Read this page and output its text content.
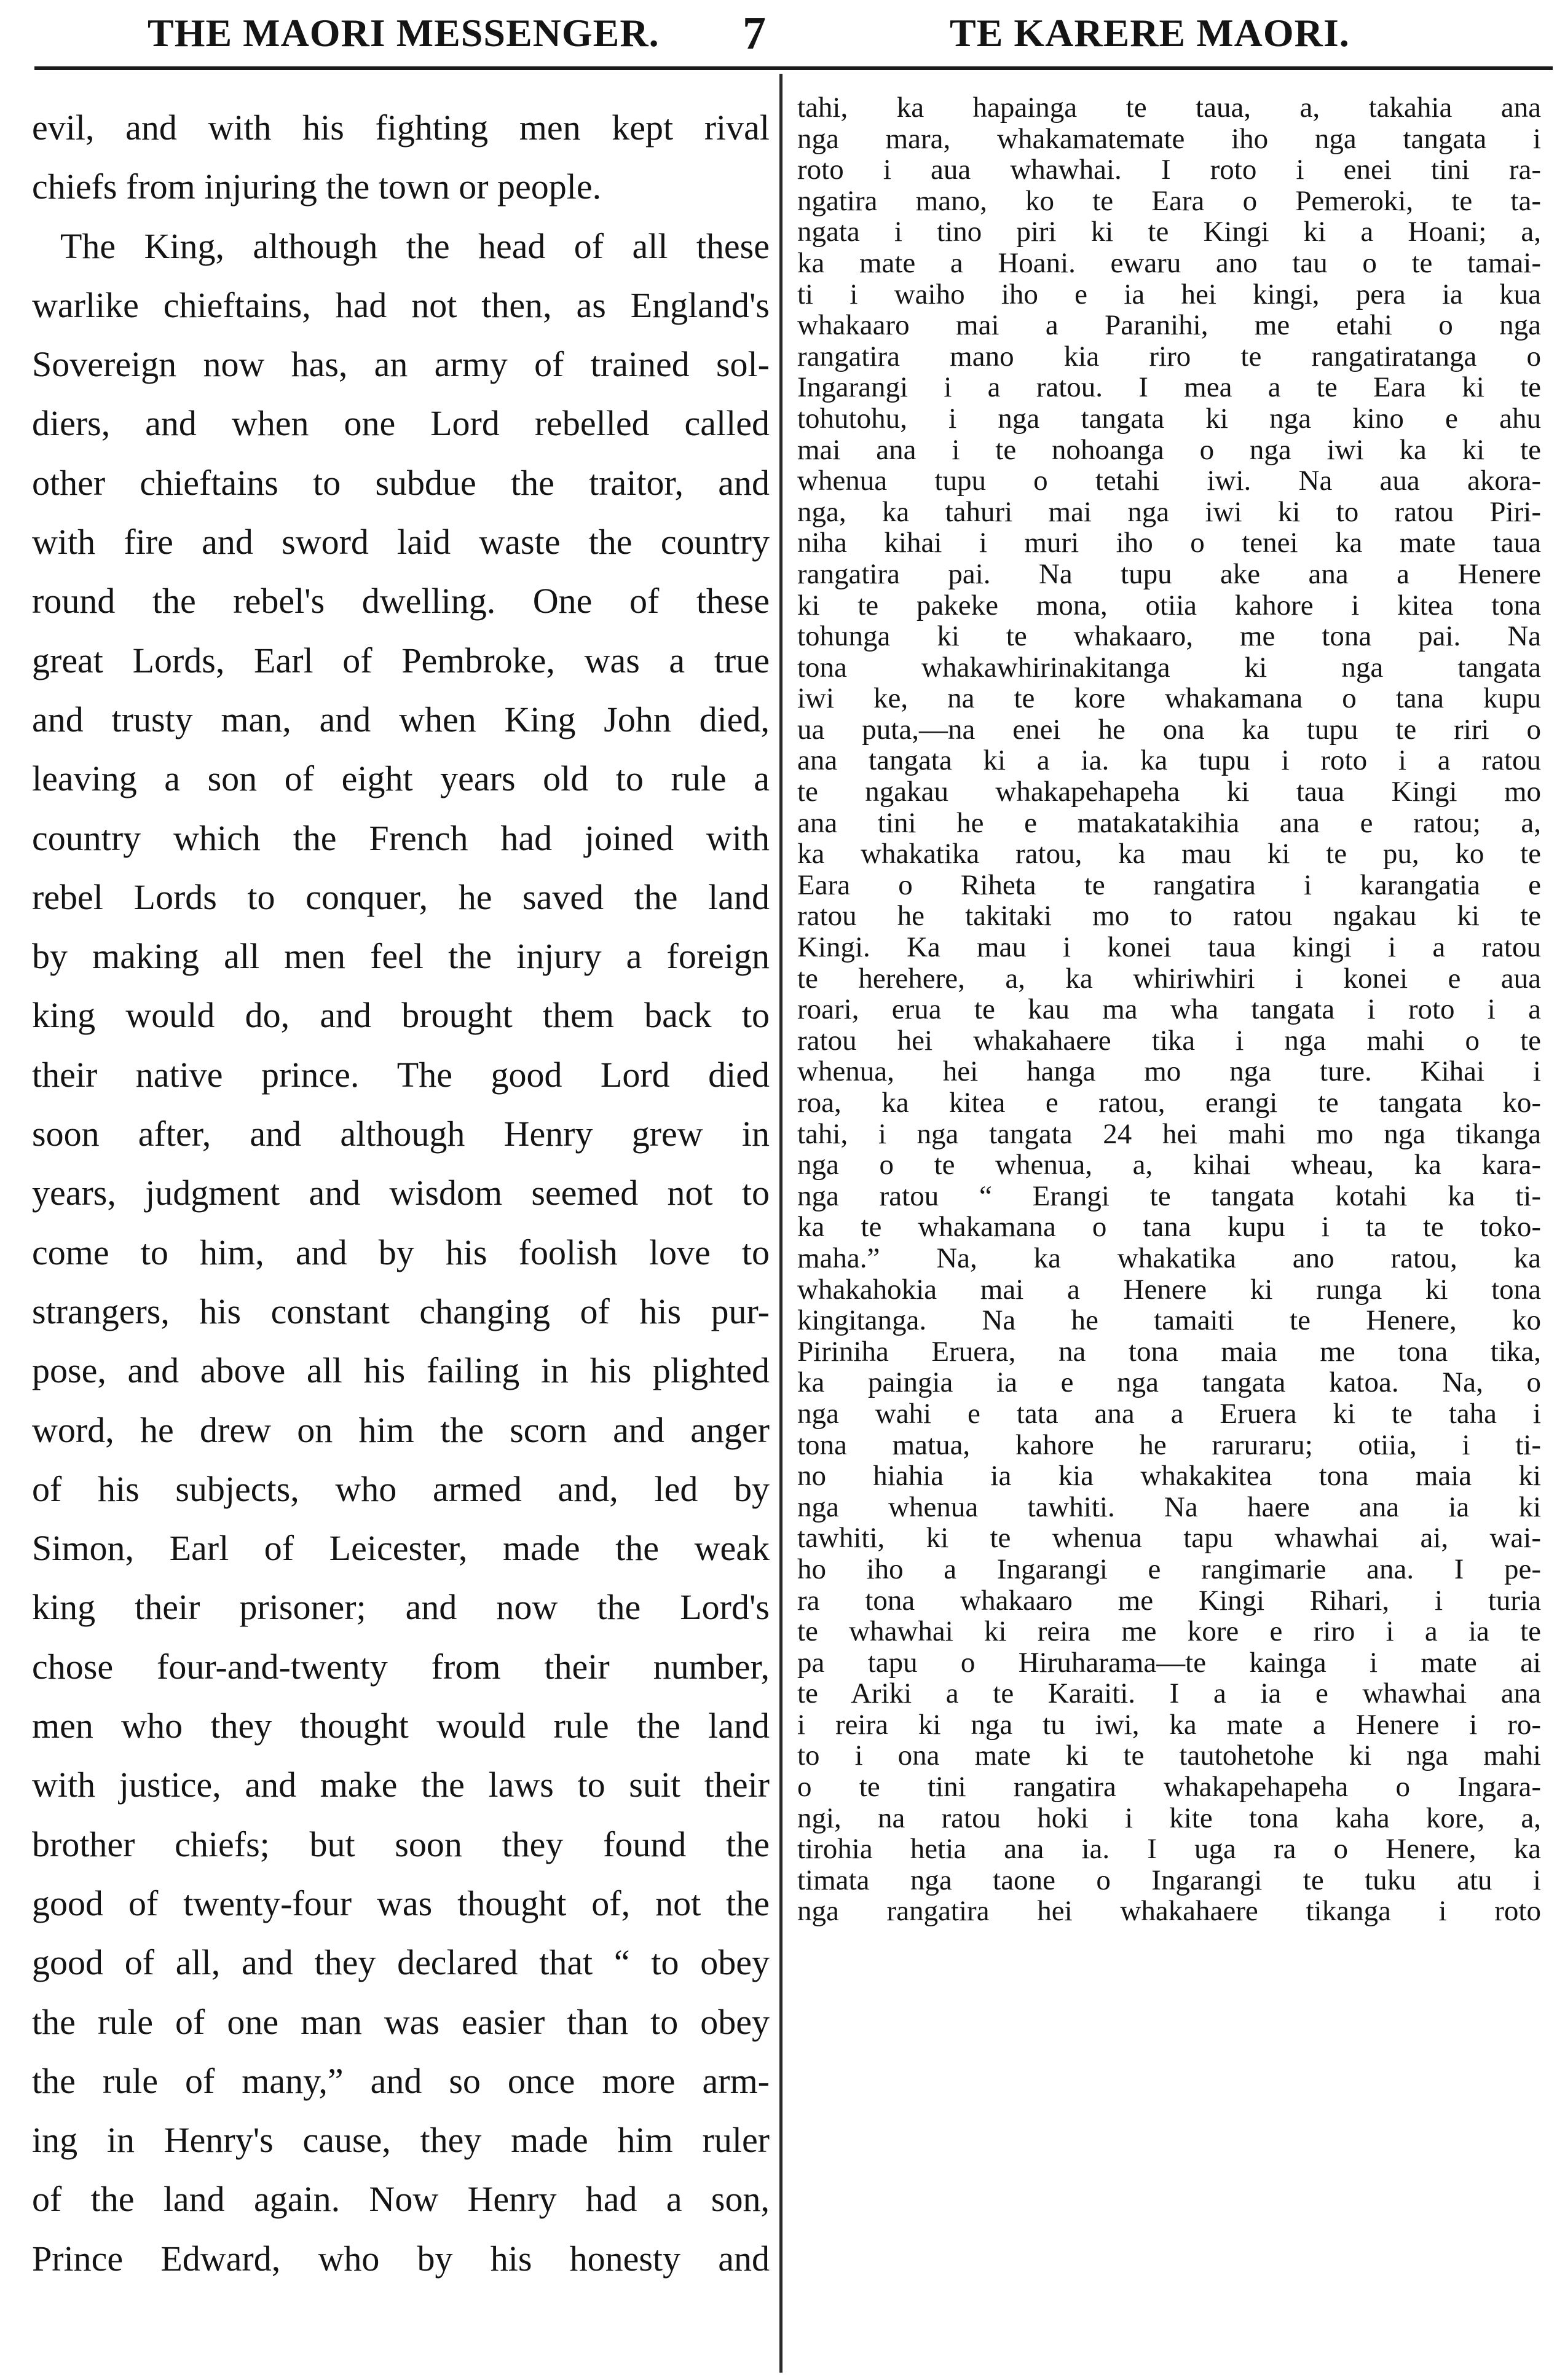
THE MAORI MESSENGER. 7	TE KARERE MAORI.
evil, and with his fighting men kept rival
chiefs from injuring the town or people.
The King, although the head of all these
warlike chieftains, had not then, as England's
Sovereign now has, an army of trained sol-
diers, and when one Lord rebelled called
other chieftains to subdue the traitor, and
with fire and sword laid waste the country
round the rebel's dwelling. One of these
great Lords, Earl of Pembroke, was a true
and trusty man, and when King John died,
leaving a son of eight years old to rule a
country which the French had joined with
rebel Lords to conquer, he saved the land
by making all men feel the injury a foreign
king would do, and brought them back to
their native prince. The good Lord died
soon after, and although Henry grew in
years, judgment and wisdom seemed not to
come to him, and by his foolish love to
strangers, his constant changing of his pur-
pose, and above all his failing in his plighted
word, he drew on him the scorn and anger
of his subjects, who armed and, led by
Simon, Earl of Leicester, made the weak
king their prisoner; and now the Lord's
chose four-and-twenty from their number,
men who they thought would rule the land
with justice, and make the laws to suit their
brother chiefs; but soon they found the
good of twenty-four was thought of, not the
good of all, and they declared that “ to obey
the rule of one man was easier than to obey
the rule of many,” and so once more arm-
ing in Henry's cause, they made him ruler
of the land again. Now Henry had a son,
Prince Edward, who by his honesty and
tahi, ka hapainga te taua, a, takahia ana
nga mara, whakamatemate iho nga tangata i
roto i aua whawhai. I roto i enei tini ra-
ngatira mano, ko te Eara o Pemeroki, te ta-
ngata i tino piri ki te Kingi ki a Hoani; a,
ka mate a Hoani. ewaru ano tau o te tamai-
ti i waiho iho e ia hei kingi, pera ia kua
whakaaro mai a Paranihi, me etahi o nga
rangatira mano kia riro te rangatiratanga o
Ingarangi i a ratou. I mea a te Eara ki te
tohutohu, i nga tangata ki nga kino e ahu
mai ana i te nohoanga o nga iwi ka ki te
whenua tupu o tetahi iwi. Na aua akora-
nga, ka tahuri mai nga iwi ki to ratou Piri-
niha kihai i muri iho o tenei ka mate taua
rangatira pai. Na tupu ake ana a Henere
ki te pakeke mona, otiia kahore i kitea tona
tohunga ki te whakaaro, me tona pai. Na
tona whakawhirinakitanga ki nga tangata
iwi ke, na te kore whakamana o tana kupu
ua puta,—na enei he ona ka tupu te riri o
ana tangata ki a ia. ka tupu i roto i a ratou
te ngakau whakapehapeha ki taua Kingi mo
ana tini he e matakatakihia ana e ratou; a,
ka whakatika ratou, ka mau ki te pu, ko te
Eara o Riheta te rangatira i karangatia e
ratou he takitaki mo to ratou ngakau ki te
Kingi. Ka mau i konei taua kingi i a ratou
te herehere, a, ka whiriwhiri i konei e aua
roari, erua te kau ma wha tangata i roto i a
ratou hei whakahaere tika i nga mahi o te
whenua, hei hanga mo nga ture. Kihai i
roa, ka kitea e ratou, erangi te tangata ko-
tahi, i nga tangata 24 hei mahi mo nga tikanga
nga o te whenua, a, kihai wheau, ka kara-
nga ratou “ Erangi te tangata kotahi ka ti-
ka te whakamana o tana kupu i ta te toko-
maha.” Na, ka whakatika ano ratou, ka
whakahokia mai a Henere ki runga ki tona
kingitanga. Na he tamaiti te Henere, ko
Piriniha Eruera, na tona maia me tona tika,
ka paingia ia e nga tangata katoa. Na, o
nga wahi e tata ana a Eruera ki te taha i
tona matua, kahore he raruraru; otiia, i ti-
no hiahia ia kia whakakitea tona maia ki
nga whenua tawhiti. Na haere ana ia ki
tawhiti, ki te whenua tapu whawhai ai, wai-
ho iho a Ingarangi e rangimarie ana. I pe-
ra tona whakaaro me Kingi Rihari, i turia
te whawhai ki reira me kore e riro i a ia te
pa tapu o Hiruharama—te kainga i mate ai
te Ariki a te Karaiti. I a ia e whawhai ana
i reira ki nga tu iwi, ka mate a Henere i ro-
to i ona mate ki te tautohetohe ki nga mahi
o te tini rangatira whakapehapeha o Ingara-
ngi, na ratou hoki i kite tona kaha kore, a,
tirohia hetia ana ia. I uga ra o Henere, ka
timata nga taone o Ingarangi te tuku atu i
nga rangatira hei whakahaere tikanga i roto
